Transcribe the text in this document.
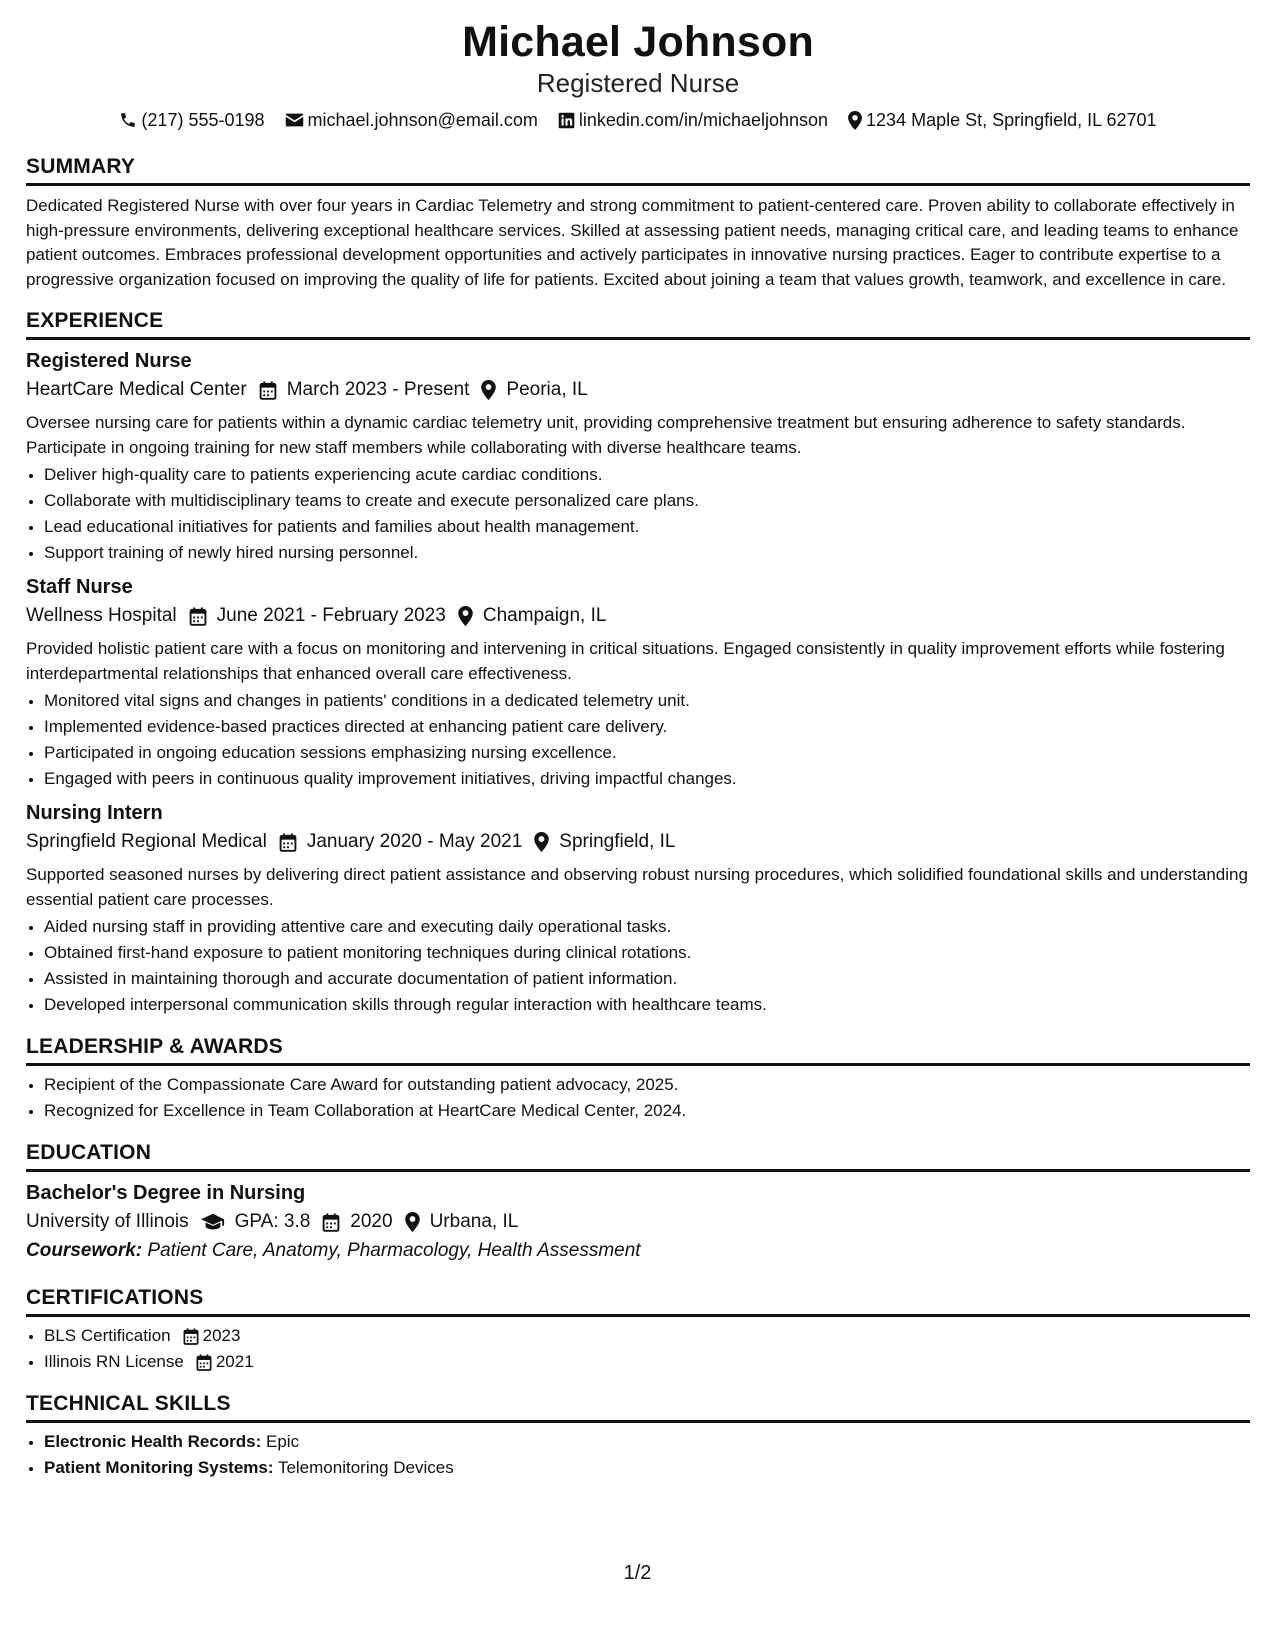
Michael Johnson
Registered Nurse
(217) 555-0198 michael.johnson@email.com linkedin.com/in/michaeljohnson 1234 Maple St, Springfield, IL 62701
SUMMARY
Dedicated Registered Nurse with over four years in Cardiac Telemetry and strong commitment to patient-centered care. Proven ability to collaborate effectively in high-pressure environments, delivering exceptional healthcare services. Skilled at assessing patient needs, managing critical care, and leading teams to enhance patient outcomes. Embraces professional development opportunities and actively participates in innovative nursing practices. Eager to contribute expertise to a progressive organization focused on improving the quality of life for patients. Excited about joining a team that values growth, teamwork, and excellence in care.
EXPERIENCE
Registered Nurse
HeartCare Medical Center March 2023 - Present Peoria, IL
Oversee nursing care for patients within a dynamic cardiac telemetry unit, providing comprehensive treatment but ensuring adherence to safety standards. Participate in ongoing training for new staff members while collaborating with diverse healthcare teams.
• Deliver high-quality care to patients experiencing acute cardiac conditions.
• Collaborate with multidisciplinary teams to create and execute personalized care plans.
• Lead educational initiatives for patients and families about health management.
• Support training of newly hired nursing personnel.
Staff Nurse
Wellness Hospital June 2021 - February 2023 Champaign, IL
Provided holistic patient care with a focus on monitoring and intervening in critical situations. Engaged consistently in quality improvement efforts while fostering interdepartmental relationships that enhanced overall care effectiveness.
• Monitored vital signs and changes in patients' conditions in a dedicated telemetry unit.
• Implemented evidence-based practices directed at enhancing patient care delivery.
• Participated in ongoing education sessions emphasizing nursing excellence.
• Engaged with peers in continuous quality improvement initiatives, driving impactful changes.
Nursing Intern
Springfield Regional Medical January 2020 - May 2021 Springfield, IL
Supported seasoned nurses by delivering direct patient assistance and observing robust nursing procedures, which solidified foundational skills and understanding essential patient care processes.
• Aided nursing staff in providing attentive care and executing daily operational tasks.
• Obtained first-hand exposure to patient monitoring techniques during clinical rotations.
• Assisted in maintaining thorough and accurate documentation of patient information.
• Developed interpersonal communication skills through regular interaction with healthcare teams.
LEADERSHIP & AWARDS
• Recipient of the Compassionate Care Award for outstanding patient advocacy, 2025.
• Recognized for Excellence in Team Collaboration at HeartCare Medical Center, 2024.
EDUCATION
Bachelor's Degree in Nursing
University of Illinois GPA: 3.8 2020 Urbana, IL
Coursework: Patient Care, Anatomy, Pharmacology, Health Assessment
CERTIFICATIONS
• BLS Certification 2023
• Illinois RN License 2021
TECHNICAL SKILLS
• Electronic Health Records: Epic
• Patient Monitoring Systems: Telemonitoring Devices
1/2
